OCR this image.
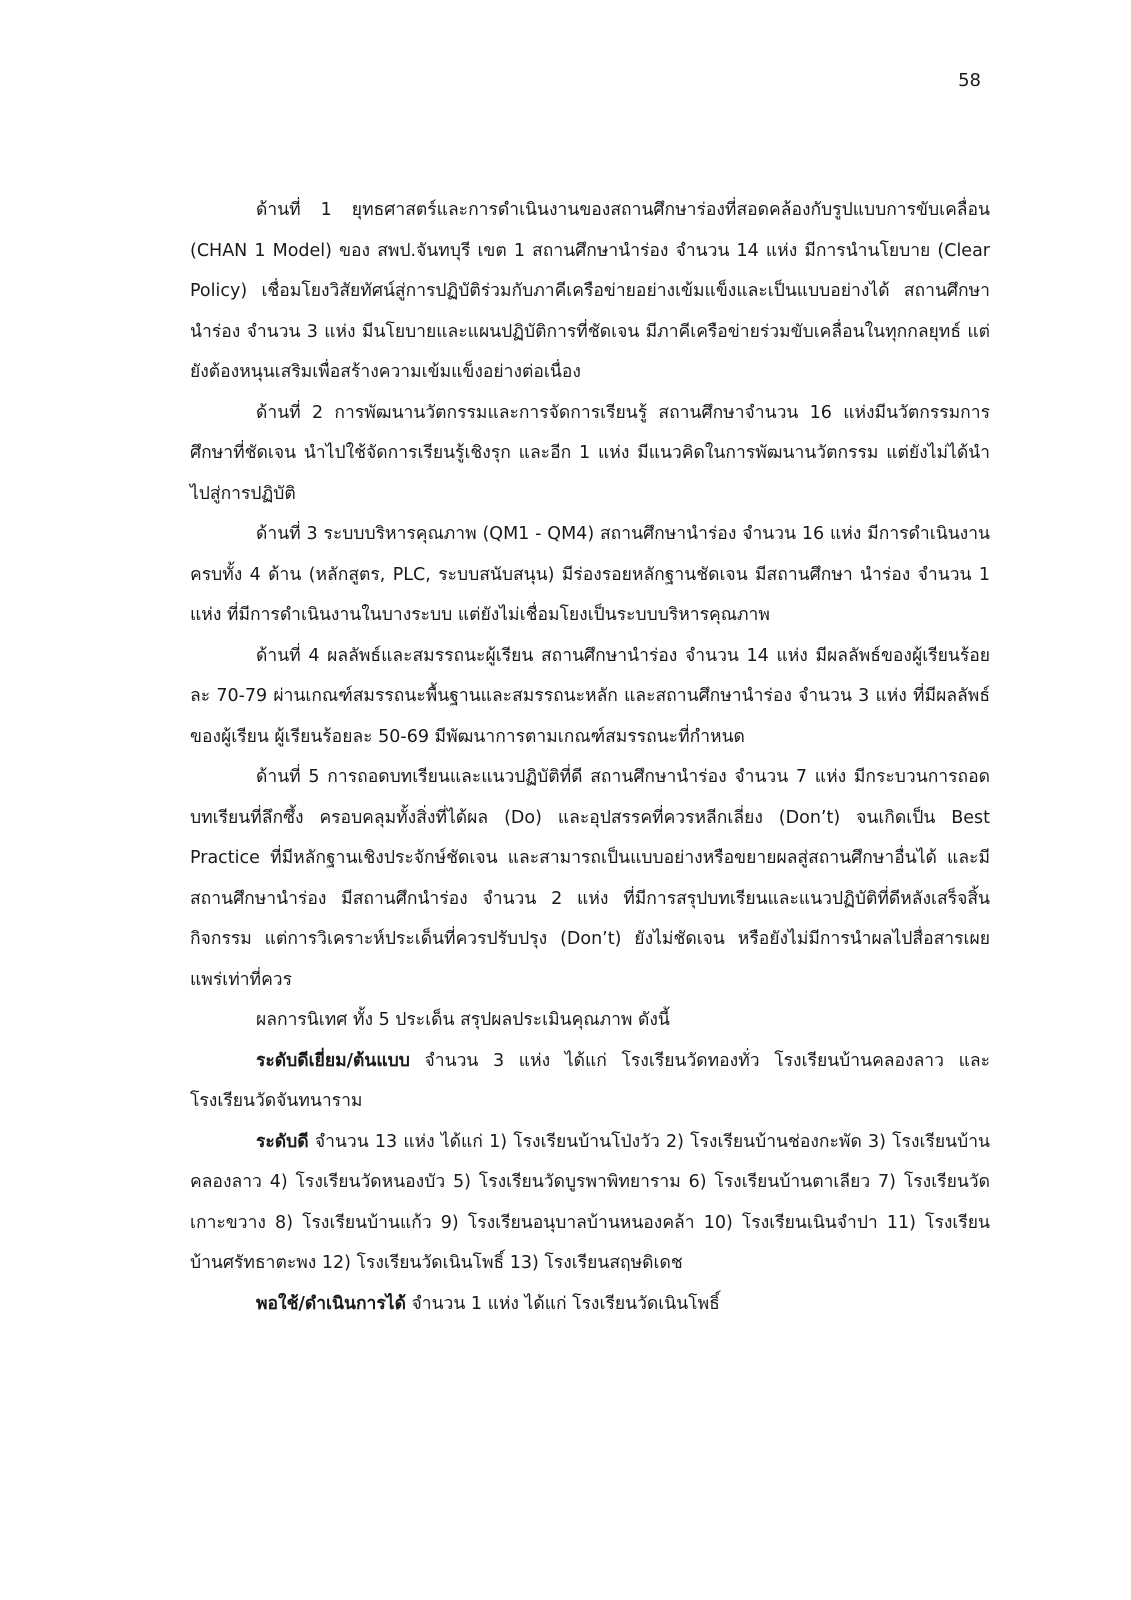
58

ด้านที่ 1 ยุทธศาสตร์และการดำเนินงานของสถานศึกษาร่องที่สอดคล้องกับรูปแบบการขับเคลื่อน (CHAN 1 Model) ของ สพป.จันทบุรี เขต 1 สถานศึกษานำร่อง จำนวน 14 แห่ง มีการนำนโยบาย (Clear Policy) เชื่อมโยงวิสัยทัศน์สู่การปฏิบัติร่วมกับภาคีเครือข่ายอย่างเข้มแข็งและเป็นแบบอย่างได้ สถานศึกษานำร่อง จำนวน 3 แห่ง มีนโยบายและแผนปฏิบัติการที่ชัดเจน มีภาคีเครือข่ายร่วมขับเคลื่อนในทุกกลยุทธ์ แต่ยังต้องหนุนเสริมเพื่อสร้างความเข้มแข็งอย่างต่อเนื่อง

ด้านที่ 2 การพัฒนานวัตกรรมและการจัดการเรียนรู้ สถานศึกษาจำนวน 16 แห่งมีนวัตกรรมการศึกษาที่ชัดเจน นำไปใช้จัดการเรียนรู้เชิงรุก และอีก 1 แห่ง มีแนวคิดในการพัฒนานวัตกรรม แต่ยังไม่ได้นำไปสู่การปฏิบัติ

ด้านที่ 3 ระบบบริหารคุณภาพ (QM1 - QM4) สถานศึกษานำร่อง จำนวน 16 แห่ง มีการดำเนินงานครบทั้ง 4 ด้าน (หลักสูตร, PLC, ระบบสนับสนุน) มีร่องรอยหลักฐานชัดเจน มีสถานศึกษา นำร่อง จำนวน 1 แห่ง ที่มีการดำเนินงานในบางระบบ แต่ยังไม่เชื่อมโยงเป็นระบบบริหารคุณภาพ

ด้านที่ 4 ผลลัพธ์และสมรรถนะผู้เรียน สถานศึกษานำร่อง จำนวน 14 แห่ง มีผลลัพธ์ของผู้เรียนร้อยละ 70-79 ผ่านเกณฑ์สมรรถนะพื้นฐานและสมรรถนะหลัก และสถานศึกษานำร่อง จำนวน 3 แห่ง ที่มีผลลัพธ์ของผู้เรียน ผู้เรียนร้อยละ 50-69 มีพัฒนาการตามเกณฑ์สมรรถนะที่กำหนด

ด้านที่ 5 การถอดบทเรียนและแนวปฏิบัติที่ดี สถานศึกษานำร่อง จำนวน 7 แห่ง มีกระบวนการถอดบทเรียนที่ลึกซึ้ง ครอบคลุมทั้งสิ่งที่ได้ผล (Do) และอุปสรรคที่ควรหลีกเลี่ยง (Don’t) จนเกิดเป็น Best Practice ที่มีหลักฐานเชิงประจักษ์ชัดเจน และสามารถเป็นแบบอย่างหรือขยายผลสู่สถานศึกษาอื่นได้ และมีสถานศึกษานำร่อง มีสถานศึกนำร่อง จำนวน 2 แห่ง ที่มีการสรุปบทเรียนและแนวปฏิบัติที่ดีหลังเสร็จสิ้นกิจกรรม แต่การวิเคราะห์ประเด็นที่ควรปรับปรุง (Don’t) ยังไม่ชัดเจน หรือยังไม่มีการนำผลไปสื่อสารเผยแพร่เท่าที่ควร

ผลการนิเทศ ทั้ง 5 ประเด็น สรุปผลประเมินคุณภาพ ดังนี้

ระดับดีเยี่ยม/ต้นแบบ จำนวน 3 แห่ง ได้แก่ โรงเรียนวัดทองทั่ว โรงเรียนบ้านคลองลาว และโรงเรียนวัดจันทนาราม

ระดับดี จำนวน 13 แห่ง ได้แก่ 1) โรงเรียนบ้านโป่งวัว 2) โรงเรียนบ้านช่องกะพัด 3) โรงเรียนบ้านคลองลาว 4) โรงเรียนวัดหนองบัว 5) โรงเรียนวัดบูรพาพิทยาราม 6) โรงเรียนบ้านตาเลียว 7) โรงเรียนวัดเกาะขวาง 8) โรงเรียนบ้านแก้ว 9) โรงเรียนอนุบาลบ้านหนองคล้า 10) โรงเรียนเนินจำปา 11) โรงเรียนบ้านศรัทธาตะพง 12) โรงเรียนวัดเนินโพธิ์ 13) โรงเรียนสฤษดิเดช

พอใช้/ดำเนินการได้ จำนวน 1 แห่ง ได้แก่ โรงเรียนวัดเนินโพธิ์
